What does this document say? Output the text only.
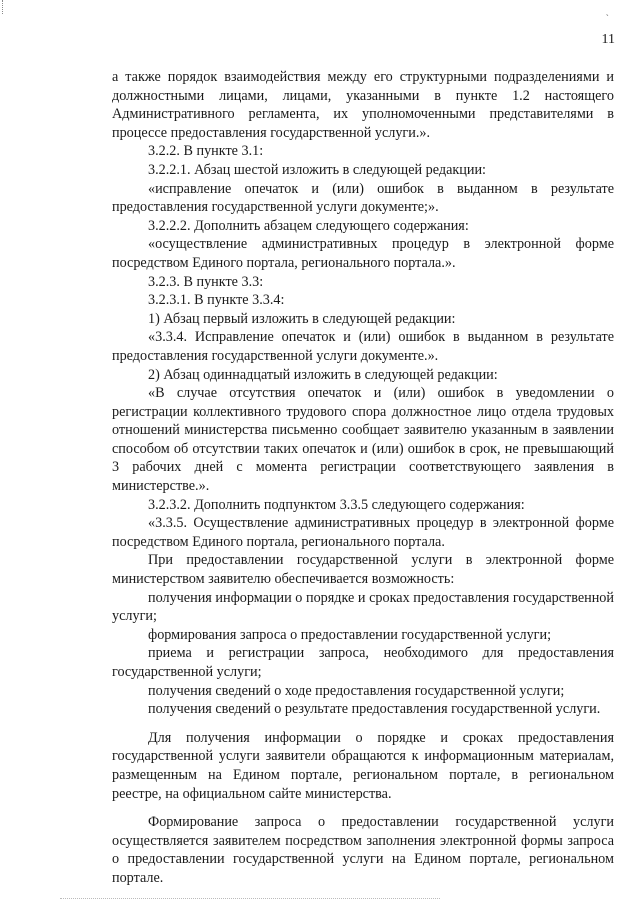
`
11

а также порядок взаимодействия между его структурными подразделениями и должностными лицами, лицами, указанными в пункте 1.2 настоящего Административного регламента, их уполномоченными представителями в процессе предоставления государственной услуги.».

3.2.2. В пункте 3.1:

3.2.2.1. Абзац шестой изложить в следующей редакции:

«исправление опечаток и (или) ошибок в выданном в результате предоставления государственной услуги документе;».

3.2.2.2. Дополнить абзацем следующего содержания:

«осуществление административных процедур в электронной форме посредством Единого портала, регионального портала.».

3.2.3. В пункте 3.3:

3.2.3.1. В пункте 3.3.4:

1) Абзац первый изложить в следующей редакции:

«3.3.4. Исправление опечаток и (или) ошибок в выданном в результате предоставления государственной услуги документе.».

2) Абзац одиннадцатый изложить в следующей редакции:

«В случае отсутствия опечаток и (или) ошибок в уведомлении о регистрации коллективного трудового спора должностное лицо отдела трудовых отношений министерства письменно сообщает заявителю указанным в заявлении способом об отсутствии таких опечаток и (или) ошибок в срок, не превышающий 3 рабочих дней с момента регистрации соответствующего заявления в министерстве.».

3.2.3.2. Дополнить подпунктом 3.3.5 следующего содержания:

«3.3.5. Осуществление административных процедур в электронной форме посредством Единого портала, регионального портала.

При предоставлении государственной услуги в электронной форме министерством заявителю обеспечивается возможность:

получения информации о порядке и сроках предоставления государственной услуги;

формирования запроса о предоставлении государственной услуги;

приема и регистрации запроса, необходимого для предоставления государственной услуги;

получения сведений о ходе предоставления государственной услуги;

получения сведений о результате предоставления государственной услуги.

Для получения информации о порядке и сроках предоставления государственной услуги заявители обращаются к информационным материалам, размещенным на Едином портале, региональном портале, в региональном реестре, на официальном сайте министерства.

Формирование запроса о предоставлении государственной услуги осуществляется заявителем посредством заполнения электронной формы запроса о предоставлении государственной услуги на Едином портале, региональном портале.
